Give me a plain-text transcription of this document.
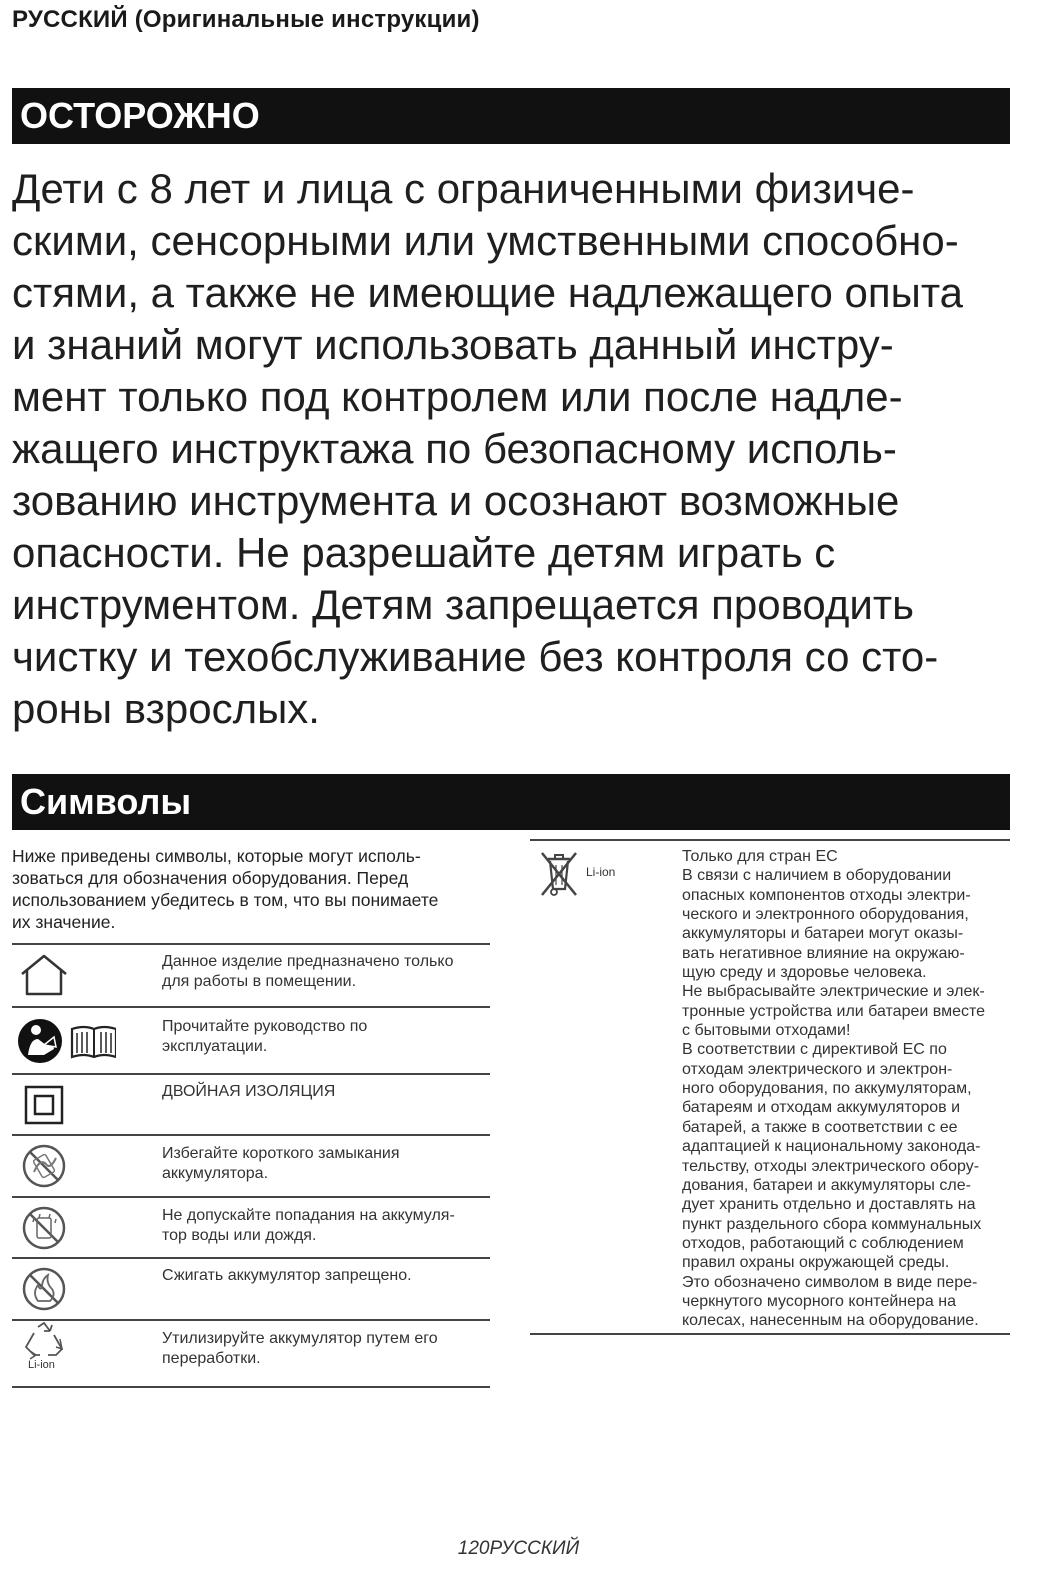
РУССКИЙ (Оригинальные инструкции)
ОСТОРОЖНО

Дети с 8 лет и лица с ограниченными физиче-
скими, сенсорными или умственными способно-
стями, а также не имеющие надлежащего опыта
и знаний могут использовать данный инстру-
мент только под контролем или после надле-
жащего инструктажа по безопасному исполь-
зованию инструмента и осознают возможные
опасности. Не разрешайте детям играть с
инструментом. Детям запрещается проводить
чистку и техобслуживание без контроля со сто-
роны взрослых.

Символы

Ниже приведены символы, которые могут исполь-
зоваться для обозначения оборудования. Перед
использованием убедитесь в том, что вы понимаете
их значение.

Данное изделие предназначено только
для работы в помещении.
Прочитайте руководство по
эксплуатации.
ДВОЙНАЯ ИЗОЛЯЦИЯ
Избегайте короткого замыкания
аккумулятора.
Не допускайте попадания на аккумуля-
тор воды или дождя.
Сжигать аккумулятор запрещено.
Li-ion
Утилизируйте аккумулятор путем его
переработки.
Li-ion
Только для стран ЕС
В связи с наличием в оборудовании
опасных компонентов отходы электри-
ческого и электронного оборудования,
аккумуляторы и батареи могут оказы-
вать негативное влияние на окружаю-
щую среду и здоровье человека.
Не выбрасывайте электрические и элек-
тронные устройства или батареи вместе
с бытовыми отходами!
В соответствии с директивой ЕС по
отходам электрического и электрон-
ного оборудования, по аккумуляторам,
батареям и отходам аккумуляторов и
батарей, а также в соответствии с ее
адаптацией к национальному законода-
тельству, отходы электрического обору-
дования, батареи и аккумуляторы сле-
дует хранить отдельно и доставлять на
пункт раздельного сбора коммунальных
отходов, работающий с соблюдением
правил охраны окружающей среды.
Это обозначено символом в виде пере-
черкнутого мусорного контейнера на
колесах, нанесенным на оборудование.
120РУССКИЙ
